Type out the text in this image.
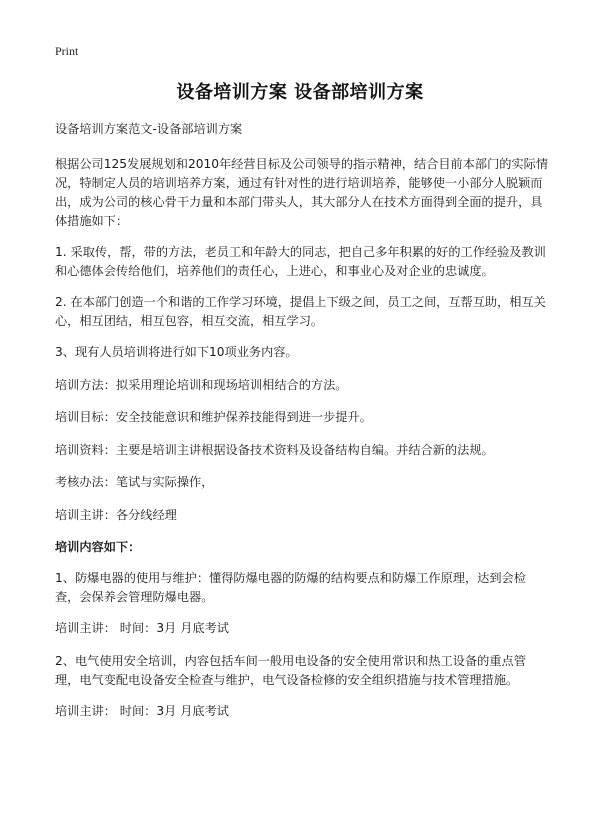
Print
设备培训方案 设备部培训方案

设备培训方案范文-设备部培训方案

根据公司125发展规划和2010年经营目标及公司领导的指示精神，结合目前本部门的实际情况，特制定人员的培训培养方案，通过有针对性的进行培训培养，能够使一小部分人脱颖而出，成为公司的核心骨干力量和本部门带头人，其大部分人在技术方面得到全面的提升，具体措施如下：

1. 采取传，帮，带的方法，老员工和年龄大的同志，把自己多年积累的好的工作经验及教训和心德体会传给他们，培养他们的责任心，上进心，和事业心及对企业的忠诚度。

2. 在本部门创造一个和谐的工作学习环境，提倡上下级之间，员工之间，互帮互助，相互关心，相互团结，相互包容，相互交流，相互学习。

3、现有人员培训将进行如下10项业务内容。

培训方法：拟采用理论培训和现场培训相结合的方法。

培训目标：安全技能意识和维护保养技能得到进一步提升。

培训资料：主要是培训主讲根据设备技术资料及设备结构自编。并结合新的法规。

考核办法：笔试与实际操作，

培训主讲：各分线经理

培训内容如下：

1、防爆电器的使用与维护：懂得防爆电器的防爆的结构要点和防爆工作原理，达到会检查，会保养会管理防爆电器。

培训主讲： 时间：3月 月底考试

2、电气使用安全培训，内容包括车间一般用电设备的安全使用常识和热工设备的重点管理，电气变配电设备安全检查与维护，电气设备检修的安全组织措施与技术管理措施。

培训主讲： 时间：3月 月底考试
